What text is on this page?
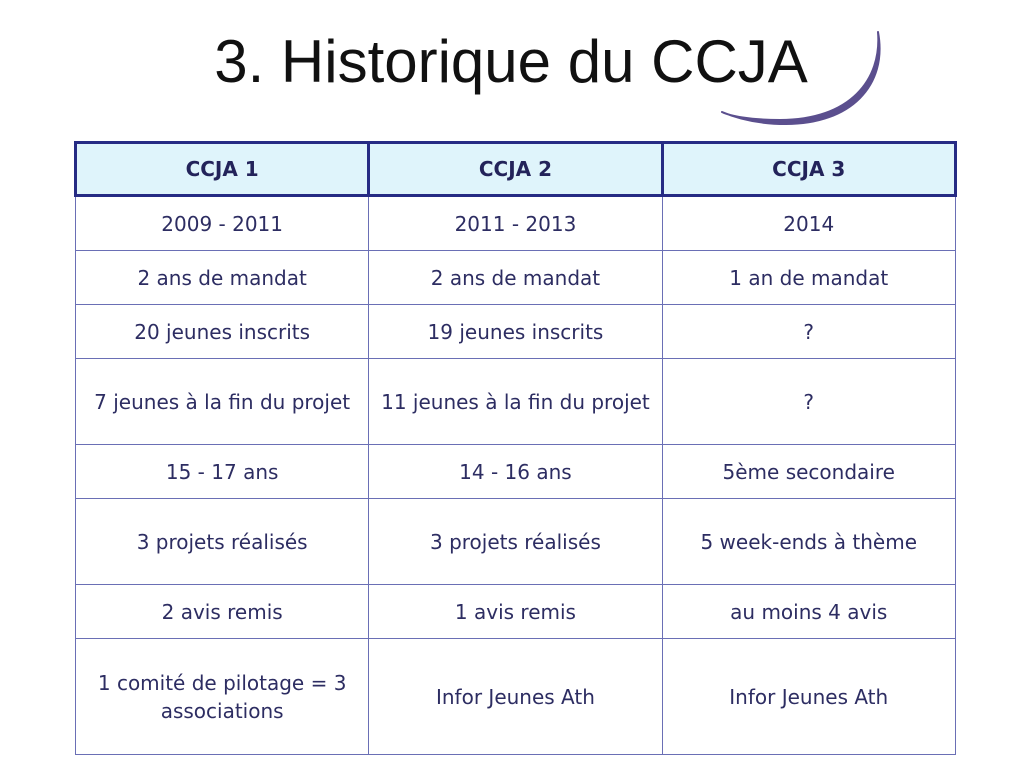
3. Historique du CCJA
CCJA 1	CCJA 2	CCJA 3
2009 - 2011	2011 - 2013	2014
2 ans de mandat	2 ans de mandat	1 an de mandat
20 jeunes inscrits	19 jeunes inscrits	?
7 jeunes à la fin du projet	11 jeunes à la fin du projet	?
15 - 17 ans	14 - 16 ans	5ème secondaire
3 projets réalisés	3 projets réalisés	5 week-ends à thème
2 avis remis	1 avis remis	au moins 4 avis
1 comité de pilotage = 3 associations	Infor Jeunes Ath	Infor Jeunes Ath
